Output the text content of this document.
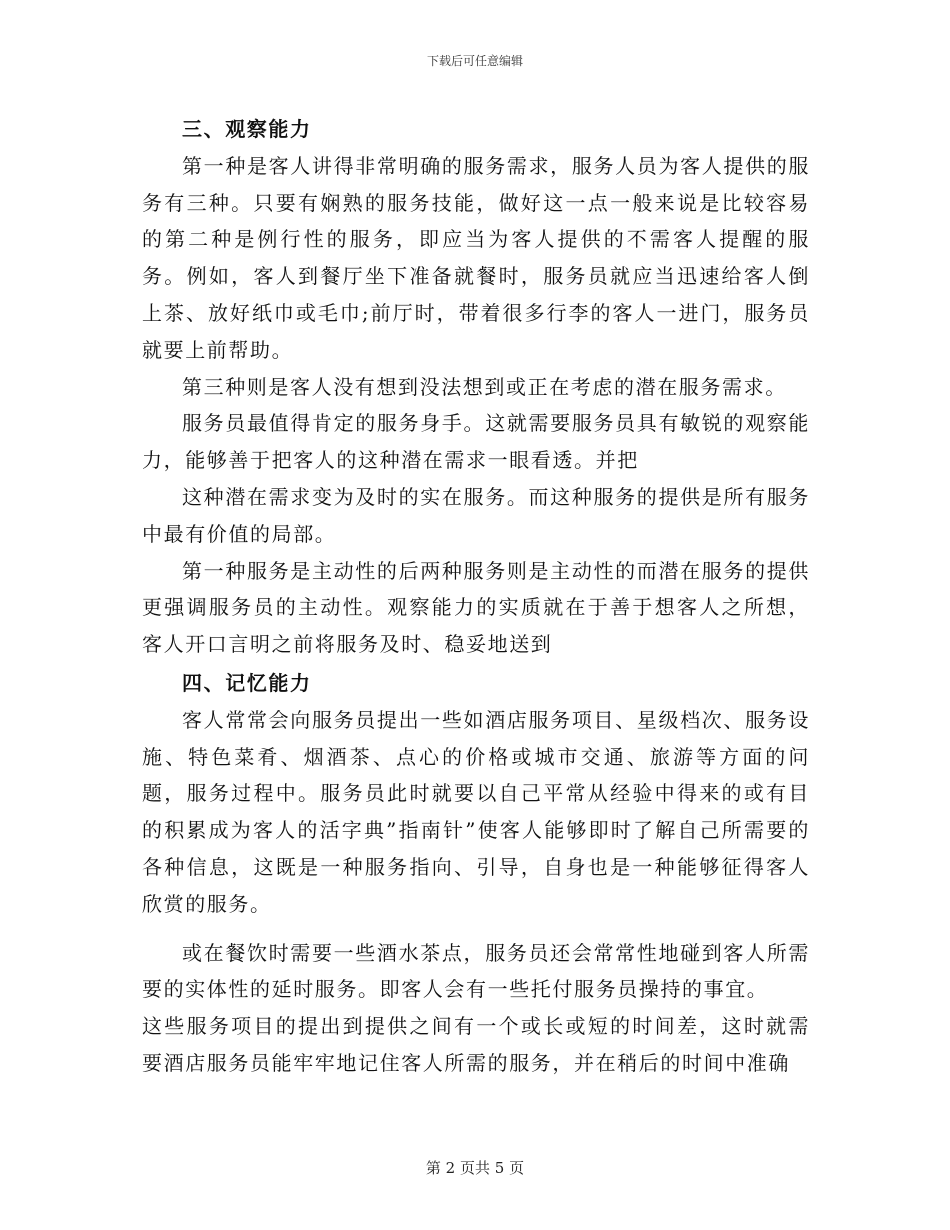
下载后可任意编辑
三、观察能力

第一种是客人讲得非常明确的服务需求，服务人员为客人提供的服务有三种。只要有娴熟的服务技能，做好这一点一般来说是比较容易的第二种是例行性的服务，即应当为客人提供的不需客人提醒的服务。例如，客人到餐厅坐下准备就餐时，服务员就应当迅速给客人倒上茶、放好纸巾或毛巾;前厅时，带着很多行李的客人一进门，服务员就要上前帮助。

第三种则是客人没有想到没法想到或正在考虑的潜在服务需求。

服务员最值得肯定的服务身手。这就需要服务员具有敏锐的观察能力，能够善于把客人的这种潜在需求一眼看透。并把

这种潜在需求变为及时的实在服务。而这种服务的提供是所有服务中最有价值的局部。

第一种服务是主动性的后两种服务则是主动性的而潜在服务的提供更强调服务员的主动性。观察能力的实质就在于善于想客人之所想，客人开口言明之前将服务及时、稳妥地送到

四、记忆能力

客人常常会向服务员提出一些如酒店服务项目、星级档次、服务设施、特色菜肴、烟酒茶、点心的价格或城市交通、旅游等方面的问题，服务过程中。服务员此时就要以自己平常从经验中得来的或有目的积累成为客人的活字典”指南针”使客人能够即时了解自己所需要的各种信息，这既是一种服务指向、引导，自身也是一种能够征得客人欣赏的服务。

或在餐饮时需要一些酒水茶点，服务员还会常常性地碰到客人所需要的实体性的延时服务。即客人会有一些托付服务员操持的事宜。

这些服务项目的提出到提供之间有一个或长或短的时间差，这时就需要酒店服务员能牢牢地记住客人所需的服务，并在稍后的时间中准确

第 2 页共 5 页
